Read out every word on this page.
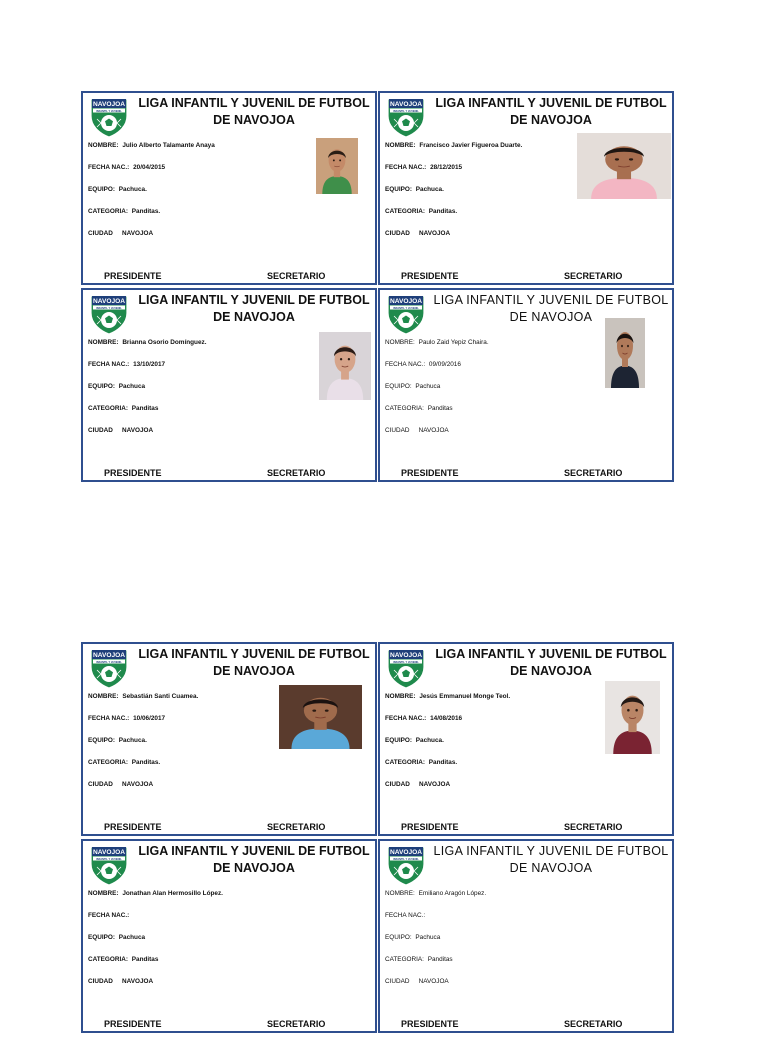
NAVOJOA
INFANTIL Y JUVENIL
LIGA INFANTIL Y JUVENIL DE FUTBOL DE NAVOJOA
NOMBRE: Julio Alberto Talamante Anaya
FECHA NAC.: 20/04/2015
EQUIPO: Pachuca.
CATEGORIA: Panditas.
CIUDAD NAVOJOA
PRESIDENTE	SECRETARIO
NAVOJOA
INFANTIL Y JUVENIL
LIGA INFANTIL Y JUVENIL DE FUTBOL DE NAVOJOA
NOMBRE: Francisco Javier Figueroa Duarte.
FECHA NAC.: 28/12/2015
EQUIPO: Pachuca.
CATEGORIA: Panditas.
CIUDAD NAVOJOA
PRESIDENTE	SECRETARIO
NAVOJOA
INFANTIL Y JUVENIL
LIGA INFANTIL Y JUVENIL DE FUTBOL DE NAVOJOA
NOMBRE: Brianna Osorio Domínguez.
FECHA NAC.: 13/10/2017
EQUIPO: Pachuca
CATEGORIA: Panditas
CIUDAD NAVOJOA
PRESIDENTE	SECRETARIO
NAVOJOA
INFANTIL Y JUVENIL
LIGA INFANTIL Y JUVENIL DE FUTBOL DE NAVOJOA
NOMBRE: Paulo Zaid Yepiz Chaira.
FECHA NAC.: 09/09/2016
EQUIPO: Pachuca
CATEGORIA: Panditas
CIUDAD NAVOJOA
PRESIDENTE	SECRETARIO
NAVOJOA
INFANTIL Y JUVENIL
LIGA INFANTIL Y JUVENIL DE FUTBOL DE NAVOJOA
NOMBRE: Sebastián Santi Cuamea.
FECHA NAC.: 10/06/2017
EQUIPO: Pachuca.
CATEGORIA: Panditas.
CIUDAD NAVOJOA
PRESIDENTE	SECRETARIO
NAVOJOA
INFANTIL Y JUVENIL
LIGA INFANTIL Y JUVENIL DE FUTBOL DE NAVOJOA
NOMBRE: Jesús Emmanuel Monge Teol.
FECHA NAC.: 14/08/2016
EQUIPO: Pachuca.
CATEGORIA: Panditas.
CIUDAD NAVOJOA
PRESIDENTE	SECRETARIO
NAVOJOA
INFANTIL Y JUVENIL
LIGA INFANTIL Y JUVENIL DE FUTBOL DE NAVOJOA
NOMBRE: Jonathan Alan Hermosillo López.
FECHA NAC.:
EQUIPO: Pachuca
CATEGORIA: Panditas
CIUDAD NAVOJOA
PRESIDENTE	SECRETARIO
NAVOJOA
INFANTIL Y JUVENIL
LIGA INFANTIL Y JUVENIL DE FUTBOL DE NAVOJOA
NOMBRE: Emiliano Aragón López.
FECHA NAC.:
EQUIPO: Pachuca
CATEGORIA: Panditas
CIUDAD NAVOJOA
PRESIDENTE	SECRETARIO
